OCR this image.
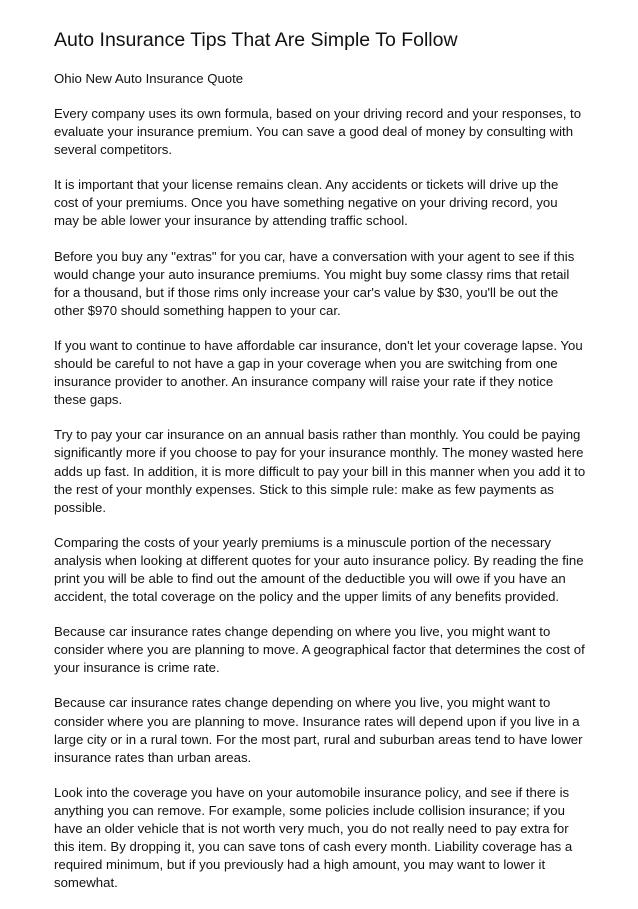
Auto Insurance Tips That Are Simple To Follow
Ohio New Auto Insurance Quote

Every company uses its own formula, based on your driving record and your responses, to evaluate your insurance premium. You can save a good deal of money by consulting with several competitors.

It is important that your license remains clean. Any accidents or tickets will drive up the cost of your premiums. Once you have something negative on your driving record, you may be able lower your insurance by attending traffic school.

Before you buy any "extras" for you car, have a conversation with your agent to see if this would change your auto insurance premiums. You might buy some classy rims that retail for a thousand, but if those rims only increase your car's value by $30, you'll be out the other $970 should something happen to your car.

If you want to continue to have affordable car insurance, don't let your coverage lapse. You should be careful to not have a gap in your coverage when you are switching from one insurance provider to another. An insurance company will raise your rate if they notice these gaps.

Try to pay your car insurance on an annual basis rather than monthly. You could be paying significantly more if you choose to pay for your insurance monthly. The money wasted here adds up fast. In addition, it is more difficult to pay your bill in this manner when you add it to the rest of your monthly expenses. Stick to this simple rule: make as few payments as possible.

Comparing the costs of your yearly premiums is a minuscule portion of the necessary analysis when looking at different quotes for your auto insurance policy. By reading the fine print you will be able to find out the amount of the deductible you will owe if you have an accident, the total coverage on the policy and the upper limits of any benefits provided.

Because car insurance rates change depending on where you live, you might want to consider where you are planning to move. A geographical factor that determines the cost of your insurance is crime rate.

Because car insurance rates change depending on where you live, you might want to consider where you are planning to move. Insurance rates will depend upon if you live in a large city or in a rural town. For the most part, rural and suburban areas tend to have lower insurance rates than urban areas.

Look into the coverage you have on your automobile insurance policy, and see if there is anything you can remove. For example, some policies include collision insurance; if you have an older vehicle that is not worth very much, you do not really need to pay extra for this item. By dropping it, you can save tons of cash every month. Liability coverage has a required minimum, but if you previously had a high amount, you may want to lower it somewhat.
